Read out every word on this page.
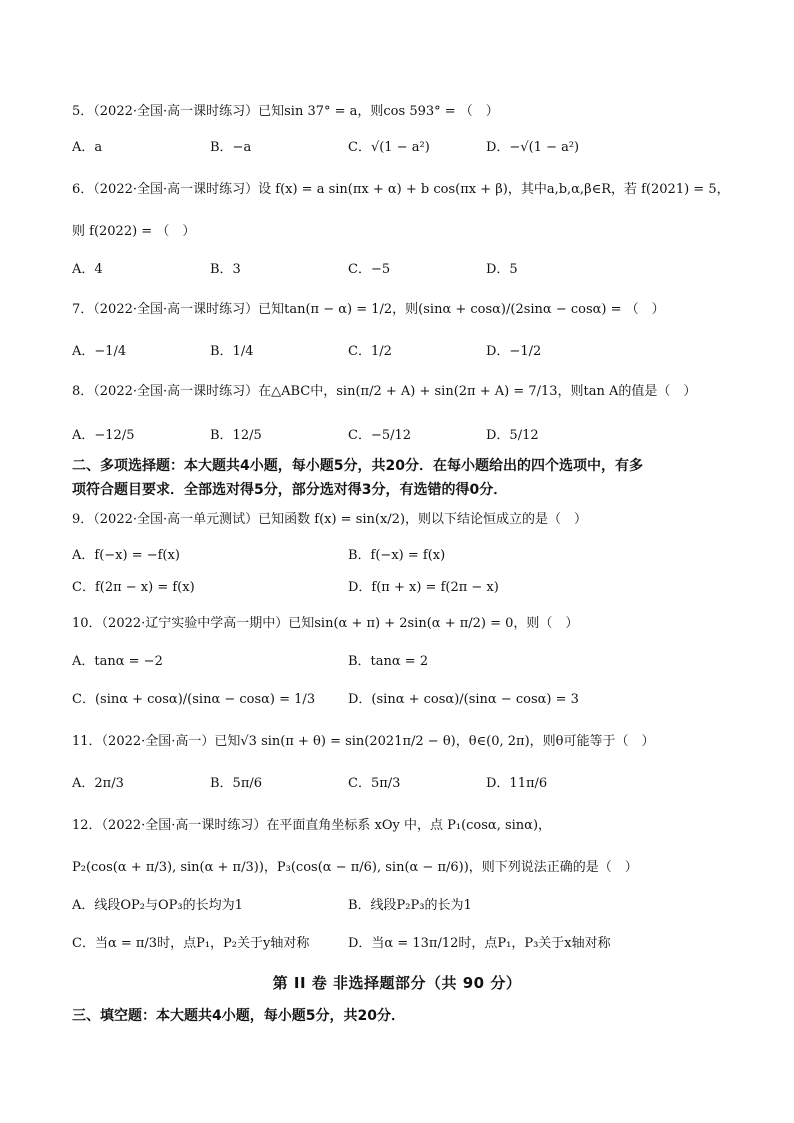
5．（2022·全国·高一课时练习）已知sin 37° = a，则cos 593° = （　）
A．a	B．−a	C．√(1 − a²)	D．−√(1 − a²)
6．（2022·全国·高一课时练习）设 f(x) = a sin(πx + α) + b cos(πx + β)，其中a,b,α,β∈R，若 f(2021) = 5，
则 f(2022) = （　）
A．4	B．3	C．−5	D．5
7．（2022·全国·高一课时练习）已知tan(π − α) = 1/2，则(sinα + cosα)/(2sinα − cosα) = （　）
A．−1/4	B．1/4	C．1/2	D．−1/2
8．（2022·全国·高一课时练习）在△ABC中，sin(π/2 + A) + sin(2π + A) = 7/13，则tan A的值是（　）
A．−12/5	B．12/5	C．−5/12	D．5/12
二、多项选择题：本大题共4小题，每小题5分，共20分．在每小题给出的四个选项中，有多
项符合题目要求．全部选对得5分，部分选对得3分，有选错的得0分．
9．（2022·全国·高一单元测试）已知函数 f(x) = sin(x/2)，则以下结论恒成立的是（　）
A．f(−x) = −f(x)	B．f(−x) = f(x)
C．f(2π − x) = f(x)	D．f(π + x) = f(2π − x)
10．（2022·辽宁实验中学高一期中）已知sin(α + π) + 2sin(α + π/2) = 0，则（　）
A．tanα = −2	B．tanα = 2
C．(sinα + cosα)/(sinα − cosα) = 1/3	D．(sinα + cosα)/(sinα − cosα) = 3
11．（2022·全国·高一）已知√3 sin(π + θ) = sin(2021π/2 − θ)，θ∈(0, 2π)，则θ可能等于（　）
A．2π/3	B．5π/6	C．5π/3	D．11π/6
12．（2022·全国·高一课时练习）在平面直角坐标系 xOy 中，点 P₁(cosα, sinα)，
P₂(cos(α + π/3), sin(α + π/3))，P₃(cos(α − π/6), sin(α − π/6))，则下列说法正确的是（　）
A．线段OP₂与OP₃的长均为1	B．线段P₂P₃的长为1
C．当α = π/3时，点P₁，P₂关于y轴对称	D．当α = 13π/12时，点P₁，P₃关于x轴对称
第 II 卷 非选择题部分（共 90 分）
三、填空题：本大题共4小题，每小题5分，共20分．
